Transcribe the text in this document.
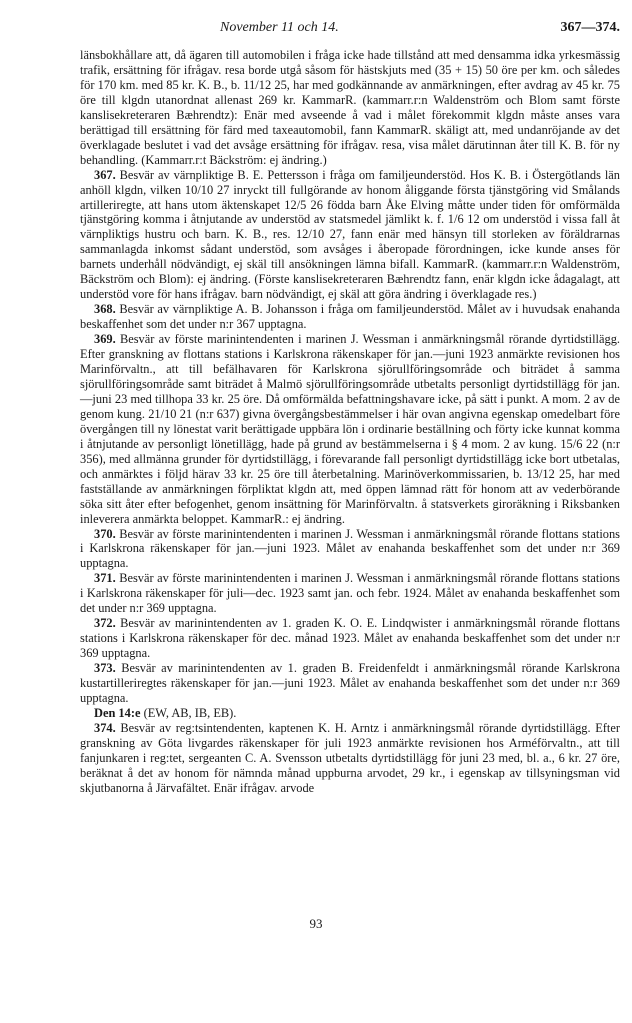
November 11 och 14.	367—374.

länsbokhållare att, då ägaren till automobilen i fråga icke hade tillstånd att med densamma idka yrkesmässig trafik, ersättning för ifrågav. resa borde utgå såsom för hästskjuts med (35 + 15) 50 öre per km. och således för 170 km. med 85 kr. K. B., b. 11/12 25, har med godkännande av anmärkningen, efter avdrag av 45 kr. 75 öre till klgdn utanordnat allenast 269 kr. KammarR. (kammarr.r:n Waldenström och Blom samt förste kanslisekreteraren Bæhrendtz): Enär med avseende å vad i målet förekommit klgdn måste anses vara berättigad till ersättning för färd med taxeautomobil, fann KammarR. skäligt att, med undanröjande av det överklagade beslutet i vad det avsåge ersättning för ifrågav. resa, visa målet därutinnan åter till K. B. för ny behandling. (Kammarr.r:t Bäckström: ej ändring.)

367. Besvär av värnpliktige B. E. Pettersson i fråga om familjeunderstöd. Hos K. B. i Östergötlands län anhöll klgdn, vilken 10/10 27 inryckt till fullgörande av honom åliggande första tjänstgöring vid Smålands artilleriregte, att hans utom äktenskapet 12/5 26 födda barn Åke Elving måtte under tiden för omförmälda tjänstgöring komma i åtnjutande av understöd av statsmedel jämlikt k. f. 1/6 12 om understöd i vissa fall åt värnpliktigs hustru och barn. K. B., res. 12/10 27, fann enär med hänsyn till storleken av föräldrarnas sammanlagda inkomst sådant understöd, som avsåges i åberopade förordningen, icke kunde anses för barnets underhåll nödvändigt, ej skäl till ansökningen lämna bifall. KammarR. (kammarr.r:n Waldenström, Bäckström och Blom): ej ändring. (Förste kanslisekreteraren Bæhrendtz fann, enär klgdn icke ådagalagt, att understöd vore för hans ifrågav. barn nödvändigt, ej skäl att göra ändring i överklagade res.)

368. Besvär av värnpliktige A. B. Johansson i fråga om familjeunderstöd. Målet av i huvudsak enahanda beskaffenhet som det under n:r 367 upptagna.

369. Besvär av förste marinintendenten i marinen J. Wessman i anmärkningsmål rörande dyrtidstillägg. Efter granskning av flottans stations i Karlskrona räkenskaper för jan.—juni 1923 anmärkte revisionen hos Marinförvaltn., att till befälhavaren för Karlskrona sjörullföringsområde och biträdet å samma sjörullföringsområde samt biträdet å Malmö sjörullföringsområde utbetalts personligt dyrtidstillägg för jan.—juni 23 med tillhopa 33 kr. 25 öre. Då omförmälda befattningshavare icke, på sätt i punkt. A mom. 2 av de genom kung. 21/10 21 (n:r 637) givna övergångsbestämmelser i här ovan angivna egenskap omedelbart före övergången till ny lönestat varit berättigade uppbära lön i ordinarie beställning och förty icke kunnat komma i åtnjutande av personligt lönetillägg, hade på grund av bestämmelserna i § 4 mom. 2 av kung. 15/6 22 (n:r 356), med allmänna grunder för dyrtidstillägg, i förevarande fall personligt dyrtidstillägg icke bort utbetalas, och anmärktes i följd härav 33 kr. 25 öre till återbetalning. Marinöverkommissarien, b. 13/12 25, har med fastställande av anmärkningen förpliktat klgdn att, med öppen lämnad rätt för honom att av vederbörande söka sitt åter efter befogenhet, genom insättning för Marinförvaltn. å statsverkets giroräkning i Riksbanken inleverera anmärkta beloppet. KammarR.: ej ändring.

370. Besvär av förste marinintendenten i marinen J. Wessman i anmärkningsmål rörande flottans stations i Karlskrona räkenskaper för jan.—juni 1923. Målet av enahanda beskaffenhet som det under n:r 369 upptagna.

371. Besvär av förste marinintendenten i marinen J. Wessman i anmärkningsmål rörande flottans stations i Karlskrona räkenskaper för juli—dec. 1923 samt jan. och febr. 1924. Målet av enahanda beskaffenhet som det under n:r 369 upptagna.

372. Besvär av marinintendenten av 1. graden K. O. E. Lindqwister i anmärkningsmål rörande flottans stations i Karlskrona räkenskaper för dec. månad 1923. Målet av enahanda beskaffenhet som det under n:r 369 upptagna.

373. Besvär av marinintendenten av 1. graden B. Freidenfeldt i anmärkningsmål rörande Karlskrona kustartilleriregtes räkenskaper för jan.—juni 1923. Målet av enahanda beskaffenhet som det under n:r 369 upptagna.

Den 14:e (EW, AB, IB, EB).

374. Besvär av reg:tsintendenten, kaptenen K. H. Arntz i anmärkningsmål rörande dyrtidstillägg. Efter granskning av Göta livgardes räkenskaper för juli 1923 anmärkte revisionen hos Arméförvaltn., att till fanjunkaren i reg:tet, sergeanten C. A. Svensson utbetalts dyrtidstillägg för juni 23 med, bl. a., 6 kr. 27 öre, beräknat å det av honom för nämnda månad uppburna arvodet, 29 kr., i egenskap av tillsyningsman vid skjutbanorna å Järvafältet. Enär ifrågav. arvode

93
